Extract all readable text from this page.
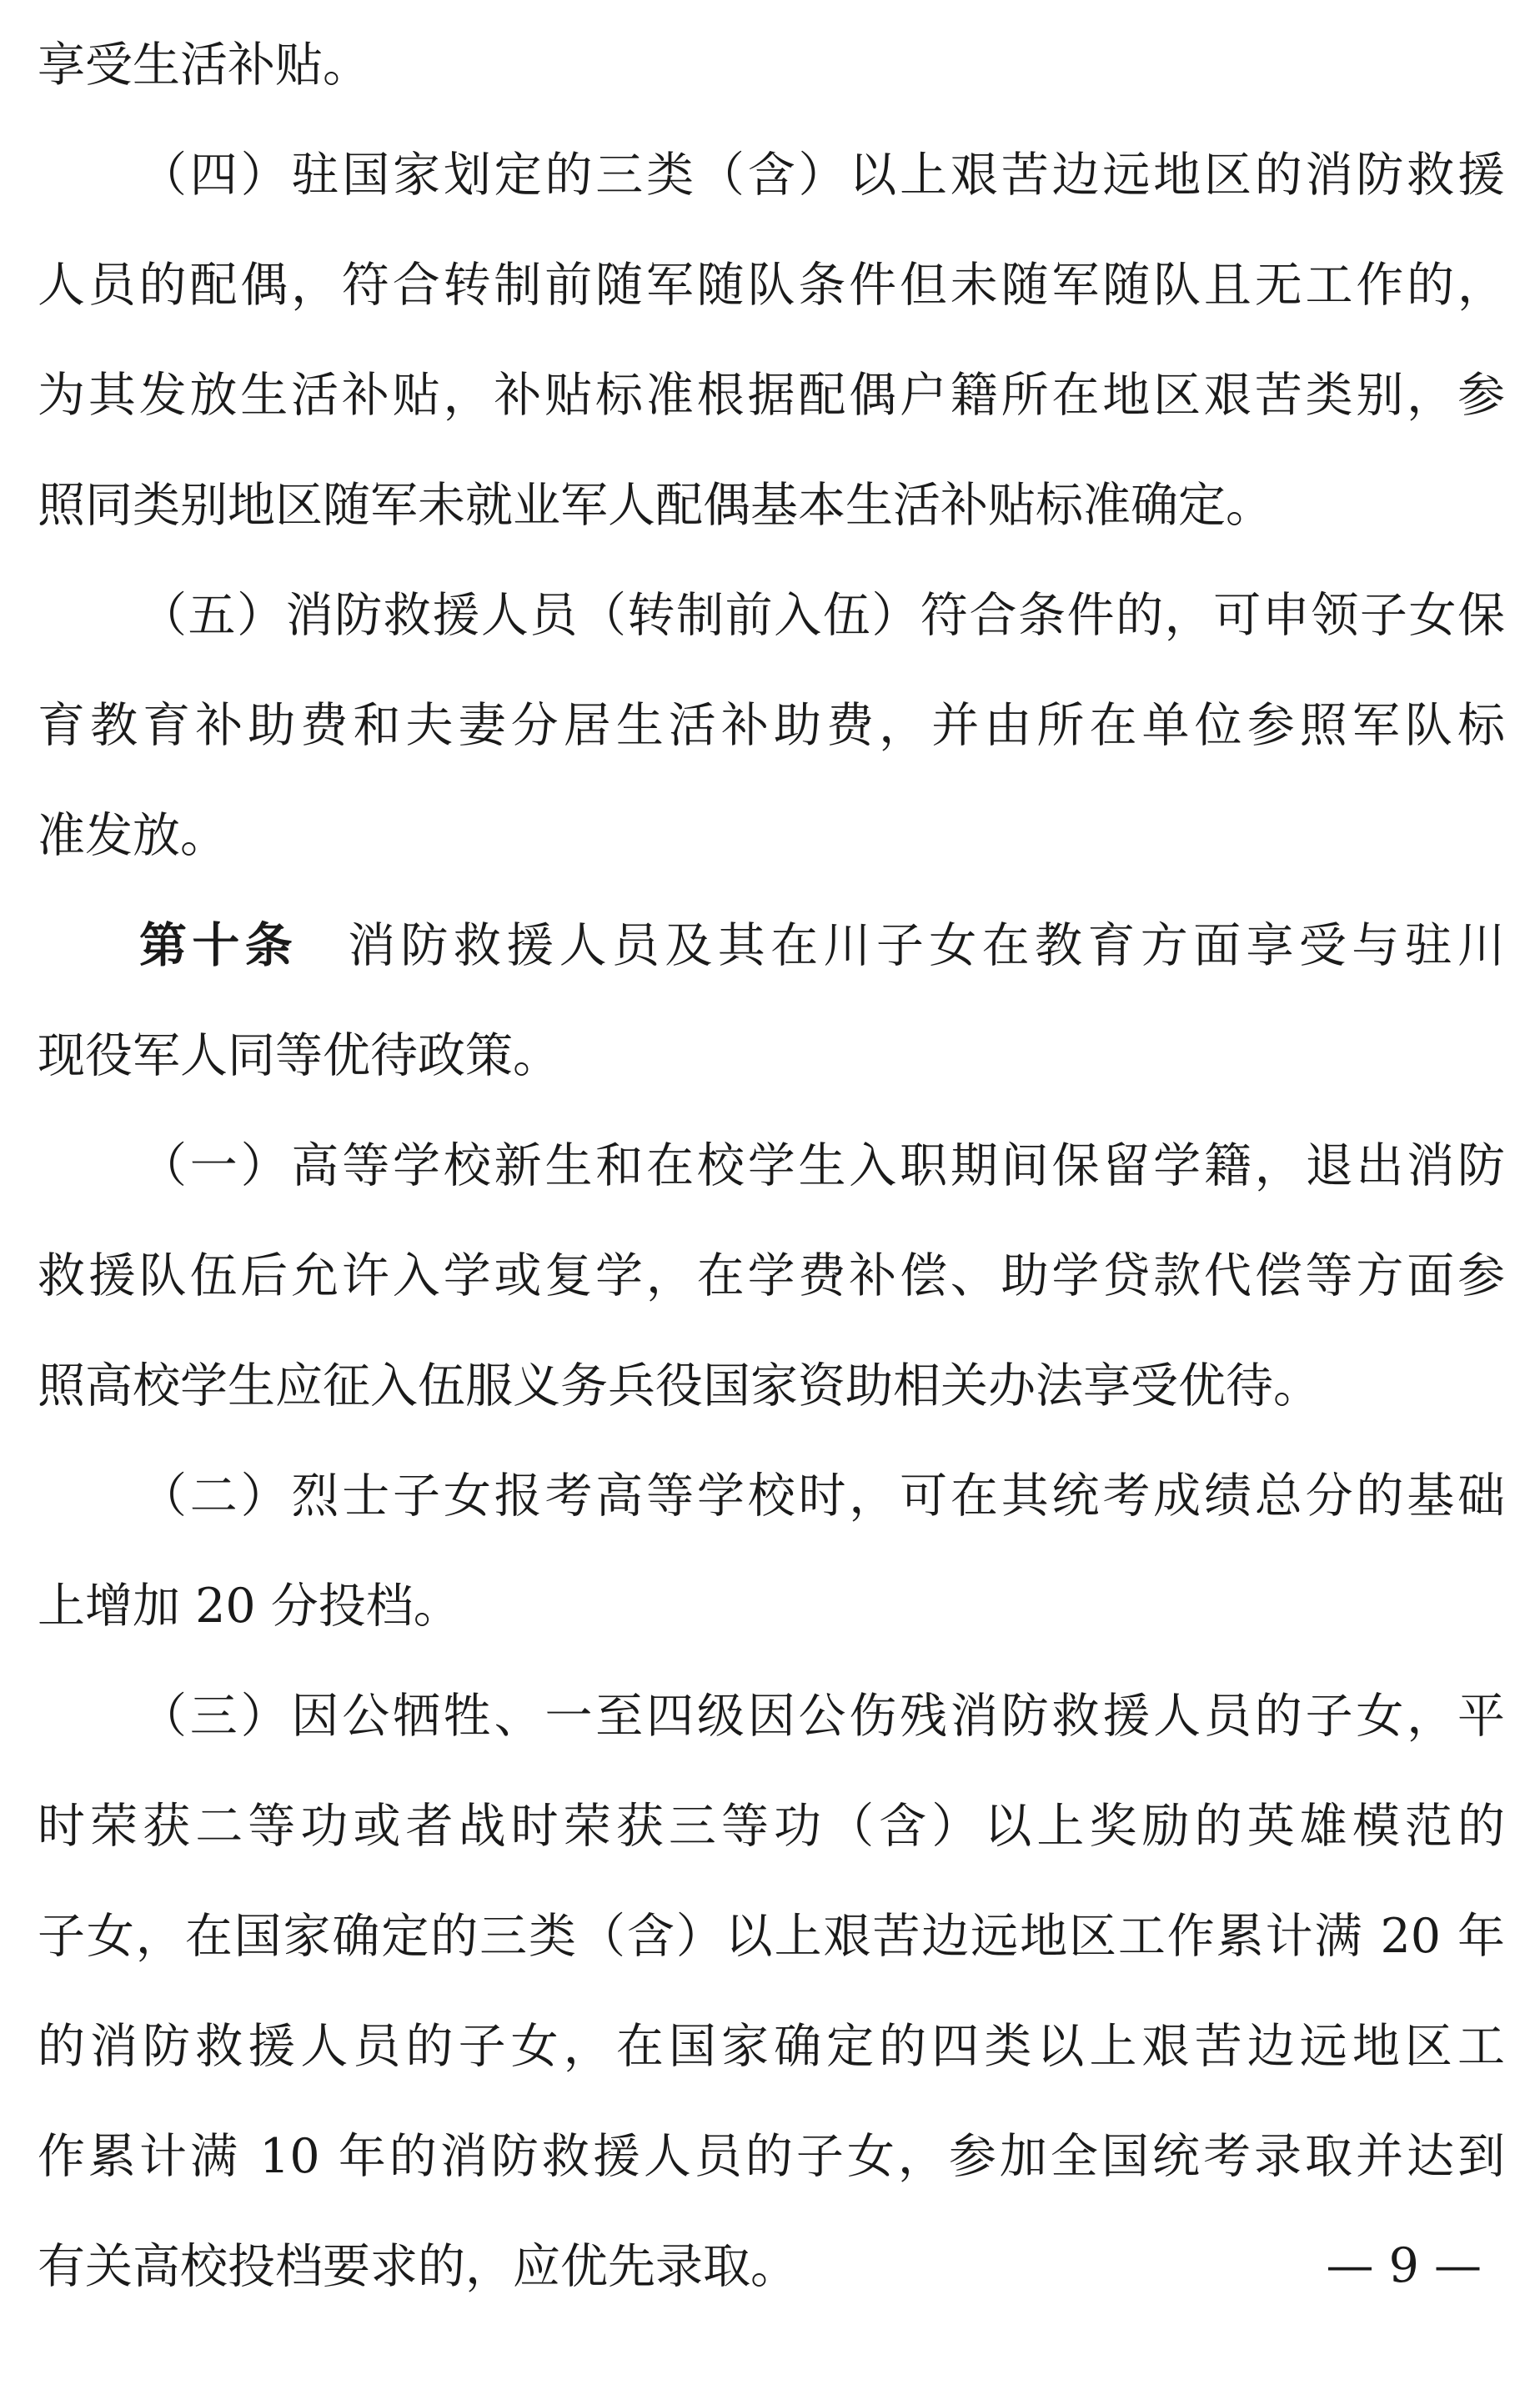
享受生活补贴。
（四）驻国家划定的三类（含）以上艰苦边远地区的消防救援
人员的配偶，符合转制前随军随队条件但未随军随队且无工作的，
为其发放生活补贴，补贴标准根据配偶户籍所在地区艰苦类别，参
照同类别地区随军未就业军人配偶基本生活补贴标准确定。
（五）消防救援人员（转制前入伍）符合条件的，可申领子女保
育教育补助费和夫妻分居生活补助费，并由所在单位参照军队标
准发放。
第十条 消防救援人员及其在川子女在教育方面享受与驻川
现役军人同等优待政策。
（一）高等学校新生和在校学生入职期间保留学籍，退出消防
救援队伍后允许入学或复学，在学费补偿、助学贷款代偿等方面参
照高校学生应征入伍服义务兵役国家资助相关办法享受优待。
（二）烈士子女报考高等学校时，可在其统考成绩总分的基础
上增加 20 分投档。
（三）因公牺牲、一至四级因公伤残消防救援人员的子女，平
时荣获二等功或者战时荣获三等功（含）以上奖励的英雄模范的
子女，在国家确定的三类（含）以上艰苦边远地区工作累计满 20 年
的消防救援人员的子女，在国家确定的四类以上艰苦边远地区工
作累计满 10 年的消防救援人员的子女，参加全国统考录取并达到
有关高校投档要求的，应优先录取。	— 9 —
